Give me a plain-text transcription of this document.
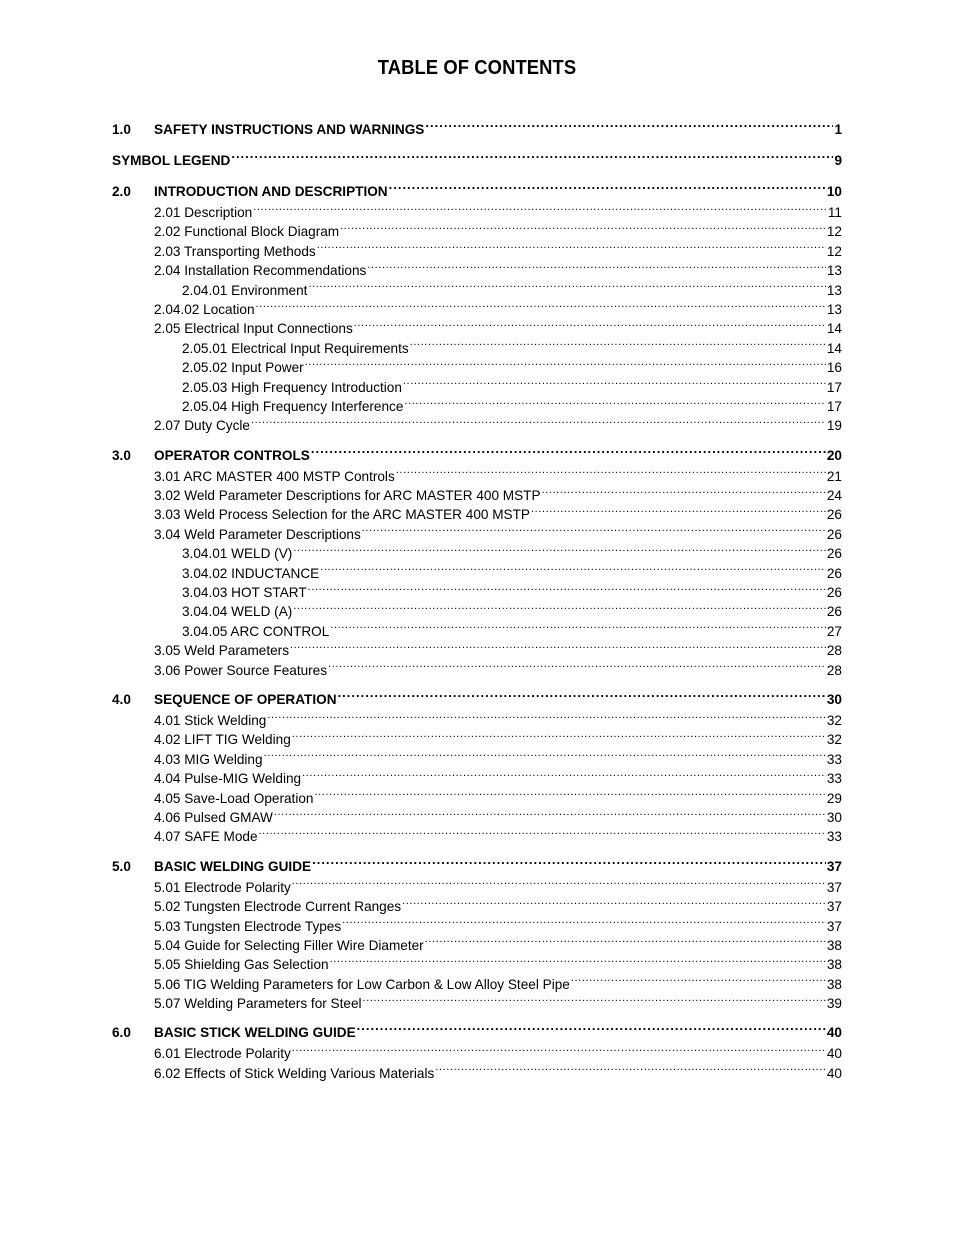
TABLE OF CONTENTS
1.0	SAFETY INSTRUCTIONS AND WARNINGS .....	1
SYMBOL LEGEND .....	9
2.0	INTRODUCTION AND DESCRIPTION .....	10
2.01 Description .....	11
2.02 Functional Block Diagram .....	12
2.03 Transporting Methods .....	12
2.04 Installation Recommendations .....	13
2.04.01 Environment .....	13
2.04.02 Location .....	13
2.05 Electrical Input Connections .....	14
2.05.01 Electrical Input Requirements .....	14
2.05.02 Input Power .....	16
2.05.03 High Frequency Introduction .....	17
2.05.04 High Frequency Interference .....	17
2.07 Duty Cycle .....	19
3.0	OPERATOR CONTROLS .....	20
3.01 ARC MASTER 400 MSTP Controls .....	21
3.02 Weld Parameter Descriptions for ARC MASTER 400 MSTP .....	24
3.03 Weld Process Selection for the ARC MASTER 400 MSTP .....	26
3.04 Weld Parameter Descriptions .....	26
3.04.01 WELD (V) .....	26
3.04.02 INDUCTANCE .....	26
3.04.03 HOT START .....	26
3.04.04 WELD (A) .....	26
3.04.05 ARC CONTROL .....	27
3.05 Weld Parameters .....	28
3.06 Power Source Features .....	28
4.0	SEQUENCE OF OPERATION .....	30
4.01 Stick Welding .....	32
4.02 LIFT TIG Welding .....	32
4.03 MIG Welding .....	33
4.04 Pulse-MIG Welding .....	33
4.05 Save-Load Operation .....	29
4.06 Pulsed GMAW .....	30
4.07 SAFE Mode .....	33
5.0	BASIC WELDING GUIDE .....	37
5.01 Electrode Polarity .....	37
5.02 Tungsten Electrode Current Ranges .....	37
5.03 Tungsten Electrode Types .....	37
5.04 Guide for Selecting Filler Wire Diameter .....	38
5.05 Shielding Gas Selection .....	38
5.06 TIG Welding Parameters for Low Carbon & Low Alloy Steel Pipe .....	38
5.07 Welding Parameters for Steel .....	39
6.0	BASIC STICK WELDING GUIDE .....	40
6.01 Electrode Polarity .....	40
6.02 Effects of Stick Welding Various Materials .....	40
